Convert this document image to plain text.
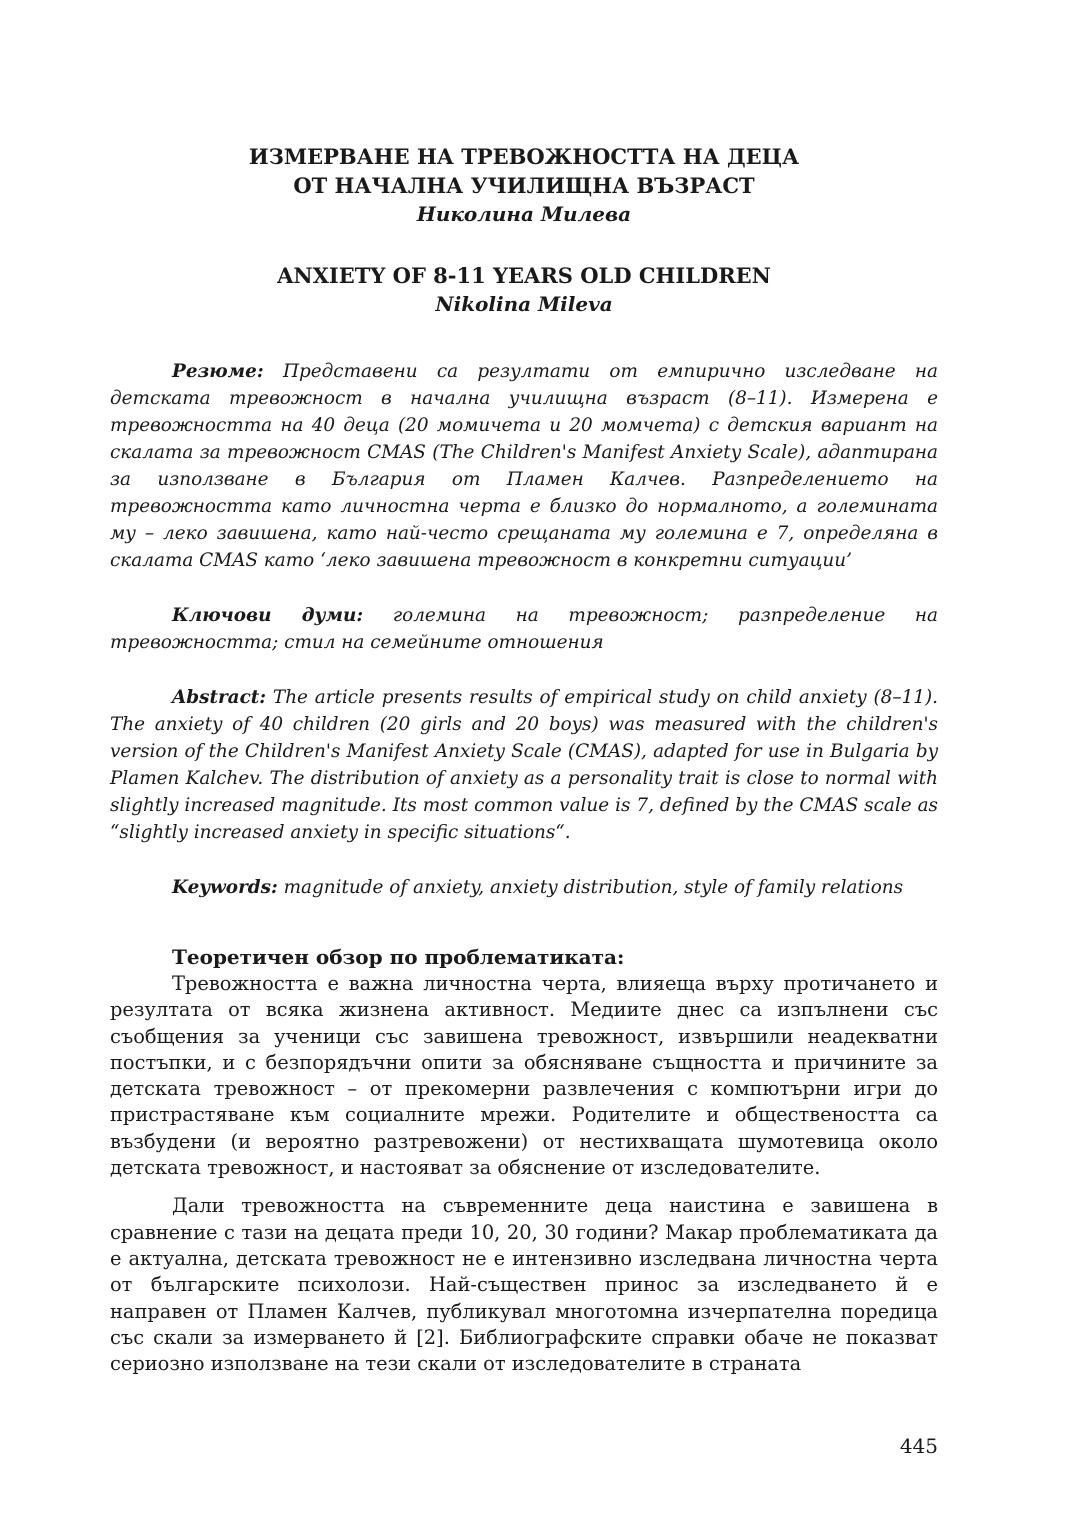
ИЗМЕРВАНЕ НА ТРЕВОЖНОСТТА НА ДЕЦА
ОТ НАЧАЛНА УЧИЛИЩНА ВЪЗРАСТ
Николина Милева
ANXIETY OF 8-11 YEARS OLD CHILDREN
Nikolina Mileva

Резюме: Представени са резултати от емпирично изследване на детската тревожност в начална училищна възраст (8–11). Измерена е тревожността на 40 деца (20 момичета и 20 момчета) с детския вариант на скалата за тревожност CMAS (The Children's Manifest Anxiety Scale), адаптирана за използване в България от Пламен Калчев. Разпределението на тревожността като личностна черта е близко до нормалното, а големината му – леко завишена, като най-често срещаната му големина е 7, определяна в скалата CMAS като ‘леко завишена тревожност в конкретни ситуации’

Ключови думи: големина на тревожност; разпределение на тревожността; стил на семейните отношения

Abstract: The article presents results of empirical study on child anxiety (8–11). The anxiety of 40 children (20 girls and 20 boys) was measured with the children's version of the Children's Manifest Anxiety Scale (CMAS), adapted for use in Bulgaria by Plamen Kalchev. The distribution of anxiety as a personality trait is close to normal with slightly increased magnitude. Its most common value is 7, defined by the CMAS scale as “slightly increased anxiety in specific situations“.

Keywords: magnitude of anxiety, anxiety distribution, style of family relations

Теоретичен обзор по проблематиката:

Тревожността е важна личностна черта, влияеща върху протичането и резултата от всяка жизнена активност. Медиите днес са изпълнени със съобщения за ученици със завишена тревожност, извършили неадекватни постъпки, и с безпорядъчни опити за обясняване същността и причините за детската тревожност – от прекомерни развлечения с компютърни игри до пристрастяване към социалните мрежи. Родителите и обществеността са възбудени (и вероятно разтревожени) от нестихващата шумотевица около детската тревожност, и настояват за обяснение от изследователите.

Дали тревожността на съвременните деца наистина е завишена в сравнение с тази на децата преди 10, 20, 30 години? Макар проблематиката да е актуална, детската тревожност не е интензивно изследвана личностна черта от българските психолози. Най-съществен принос за изследването й е направен от Пламен Калчев, публикувал многотомна изчерпателна поредица със скали за измерването й [2]. Библиографските справки обаче не показват сериозно използване на тези скали от изследователите в страната

445
